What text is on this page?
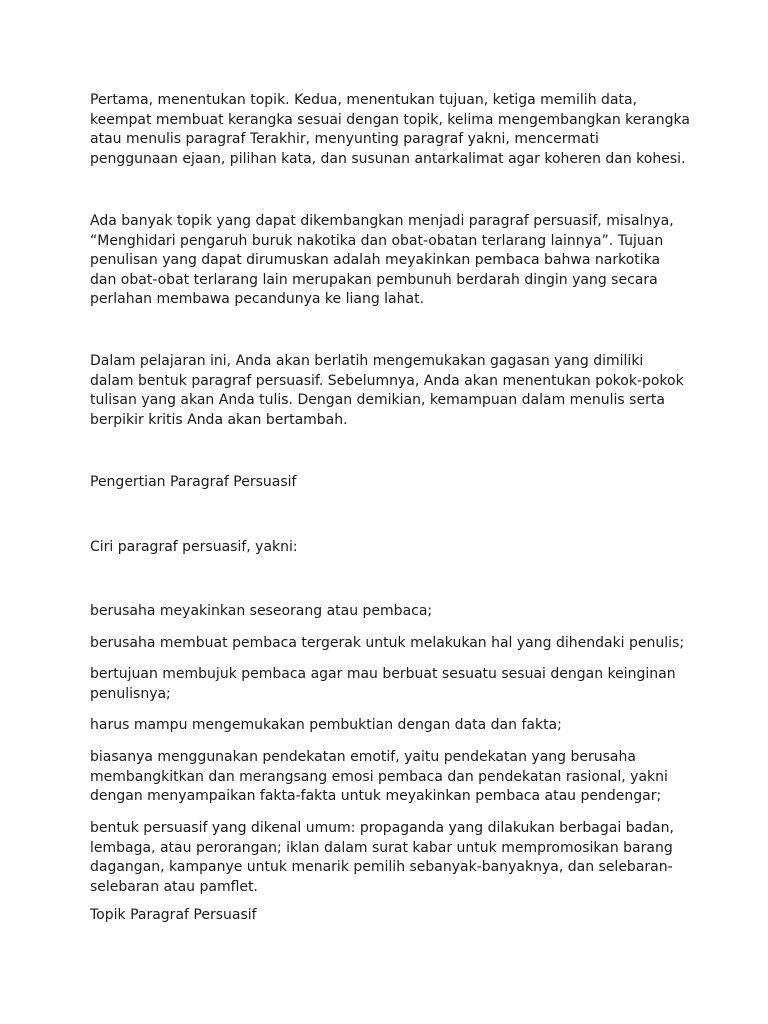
Pertama, menentukan topik. Kedua, menentukan tujuan, ketiga memilih data, keempat membuat kerangka sesuai dengan topik, kelima mengembangkan kerangka atau menulis paragraf Terakhir, menyunting paragraf yakni, mencermati penggunaan ejaan, pilihan kata, dan susunan antarkalimat agar koheren dan kohesi.

Ada banyak topik yang dapat dikembangkan menjadi paragraf persuasif, misalnya, “Menghidari pengaruh buruk nakotika dan obat-obatan terlarang lainnya”. Tujuan penulisan yang dapat dirumuskan adalah meyakinkan pembaca bahwa narkotika dan obat-obat terlarang lain merupakan pembunuh berdarah dingin yang secara perlahan membawa pecandunya ke liang lahat.

Dalam pelajaran ini, Anda akan berlatih mengemukakan gagasan yang dimiliki dalam bentuk paragraf persuasif. Sebelumnya, Anda akan menentukan pokok-pokok tulisan yang akan Anda tulis. Dengan demikian, kemampuan dalam menulis serta berpikir kritis Anda akan bertambah.

Pengertian Paragraf Persuasif

Ciri paragraf persuasif, yakni:

berusaha meyakinkan seseorang atau pembaca;

berusaha membuat pembaca tergerak untuk melakukan hal yang dihendaki penulis;

bertujuan membujuk pembaca agar mau berbuat sesuatu sesuai dengan keinginan penulisnya;

harus mampu mengemukakan pembuktian dengan data dan fakta;

biasanya menggunakan pendekatan emotif, yaitu pendekatan yang berusaha membangkitkan dan merangsang emosi pembaca dan pendekatan rasional, yakni dengan menyampaikan fakta-fakta untuk meyakinkan pembaca atau pendengar;

bentuk persuasif yang dikenal umum: propaganda yang dilakukan berbagai badan, lembaga, atau perorangan; iklan dalam surat kabar untuk mempromosikan barang dagangan, kampanye untuk menarik pemilih sebanyak-banyaknya, dan selebaran-selebaran atau pamflet.

Topik Paragraf Persuasif
